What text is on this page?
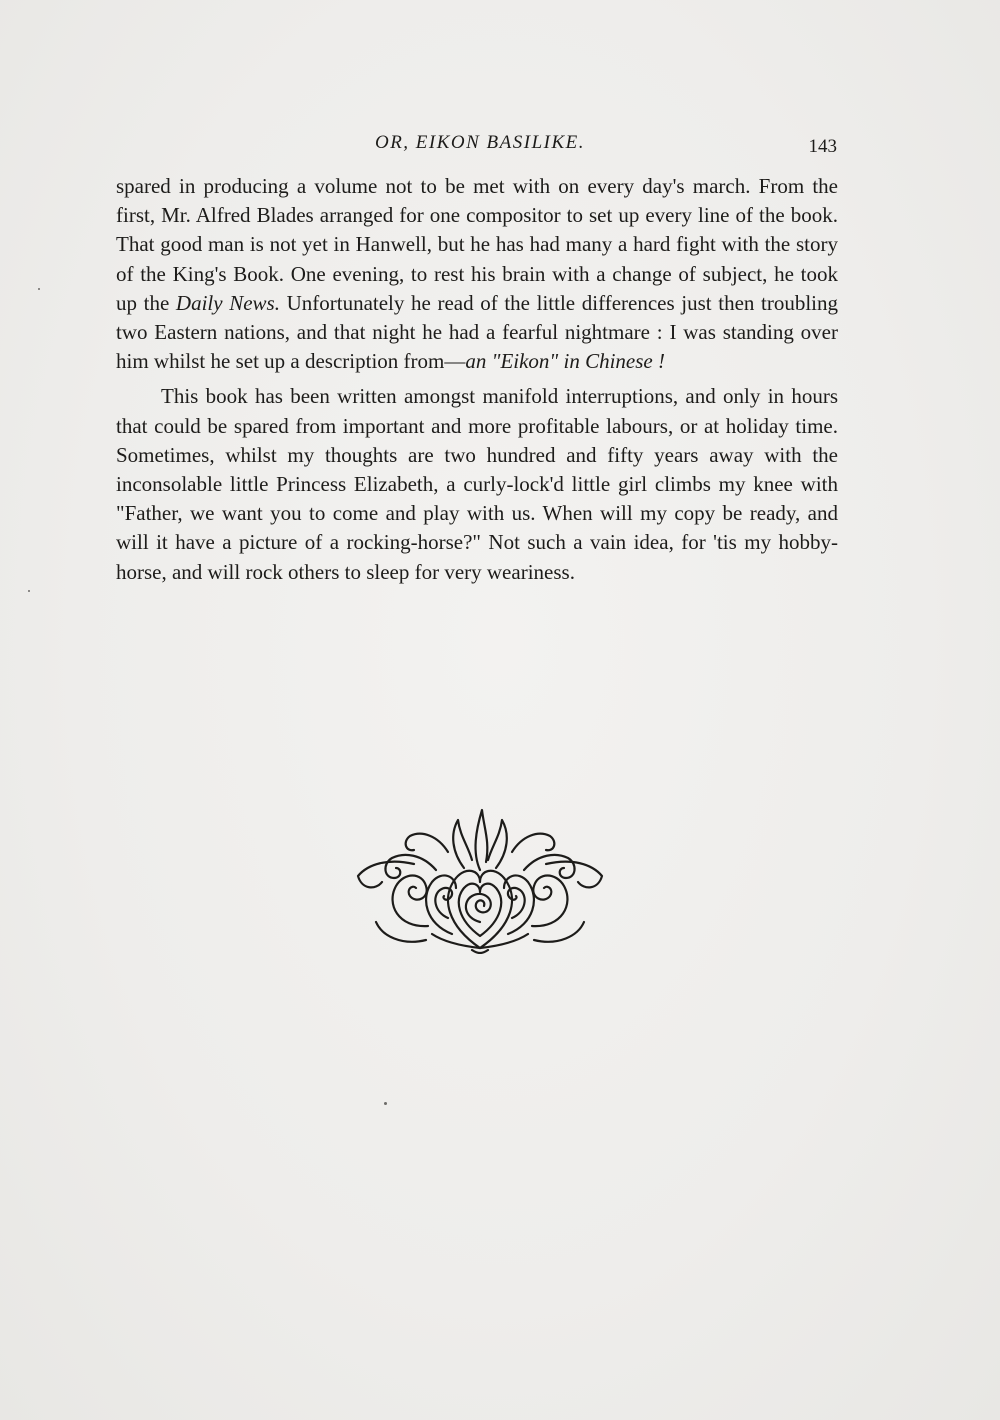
OR, EIKON BASILIKE.	143

spared in producing a volume not to be met with on every day's march. From the first, Mr. Alfred Blades arranged for one compositor to set up every line of the book. That good man is not yet in Hanwell, but he has had many a hard fight with the story of the King's Book. One evening, to rest his brain with a change of subject, he took up the Daily News. Unfortunately he read of the little differences just then troubling two Eastern nations, and that night he had a fearful nightmare : I was standing over him whilst he set up a description from—an "Eikon" in Chinese !

This book has been written amongst manifold interruptions, and only in hours that could be spared from important and more profitable labours, or at holiday time. Sometimes, whilst my thoughts are two hundred and fifty years away with the inconsolable little Princess Elizabeth, a curly-lock'd little girl climbs my knee with "Father, we want you to come and play with us. When will my copy be ready, and will it have a picture of a rocking-horse?" Not such a vain idea, for 'tis my hobby-horse, and will rock others to sleep for very weariness.
